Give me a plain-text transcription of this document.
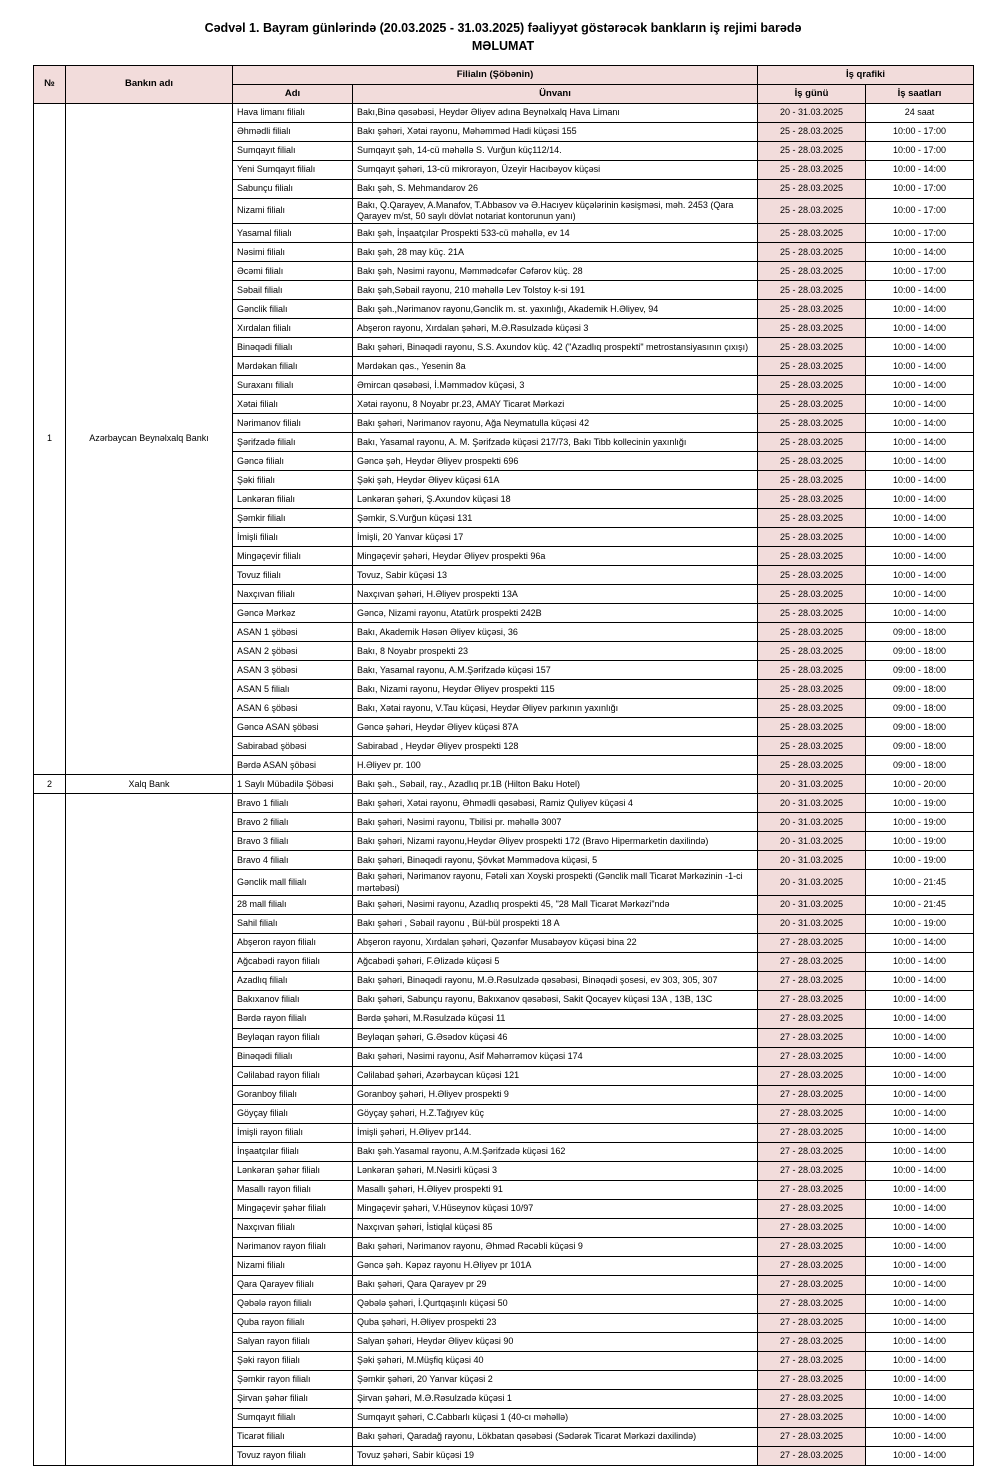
Cədvəl 1. Bayram günlərində (20.03.2025 - 31.03.2025) fəaliyyət göstərəcək bankların iş rejimi barədə
MƏLUMAT
№	Bankın adı	Filialın (Şöbənin)		İş qrafiki	
		Adı	Ünvanı	İş günü	İş saatları
1	Azərbaycan Beynəlxalq Bankı	Hava limanı filialı	Bakı,Binə qəsəbəsi, Heydər Əliyev adına Beynəlxalq Hava Limanı	20 - 31.03.2025	24 saat
		Əhmədli filialı	Bakı şəhəri, Xətai rayonu, Məhəmməd Hadi küçəsi 155	25 - 28.03.2025	10:00 - 17:00
		Sumqayıt filialı	Sumqayıt şəh, 14-cü məhəllə S. Vurğun küç112/14.	25 - 28.03.2025	10:00 - 17:00
		Yeni Sumqayıt filialı	Sumqayıt şəhəri, 13-cü mikrorayon, Üzeyir Hacıbəyov küçəsi	25 - 28.03.2025	10:00 - 14:00
		Sabunçu filialı	Bakı şəh, S. Mehmandarov 26	25 - 28.03.2025	10:00 - 17:00
		Nizami filialı	Bakı, Q.Qarayev, A.Manafov, T.Abbasov və Ə.Hacıyev küçələrinin kəsişməsi, məh. 2453 (Qara Qarayev m/st, 50 saylı dövlət notariat kontorunun yanı)	25 - 28.03.2025	10:00 - 17:00
		Yasamal filialı	Bakı şəh, İnşaatçılar Prospekti 533-cü məhəllə, ev 14	25 - 28.03.2025	10:00 - 17:00
		Nəsimi filialı	Bakı şəh, 28 may küç. 21A	25 - 28.03.2025	10:00 - 14:00
		Əcəmi filialı	Bakı şəh, Nəsimi rayonu, Məmmədcəfər Cəfərov küç. 28	25 - 28.03.2025	10:00 - 17:00
		Səbail filialı	Bakı şəh,Səbail rayonu, 210 məhəllə Lev Tolstoy k-si 191	25 - 28.03.2025	10:00 - 14:00
		Gənclik filialı	Bakı şəh.,Nərimanov rayonu,Gənclik m. st. yaxınlığı, Akademik H.Əliyev, 94	25 - 28.03.2025	10:00 - 14:00
		Xırdalan filialı	Abşeron rayonu, Xırdalan şəhəri, M.Ə.Rəsulzadə küçəsi 3	25 - 28.03.2025	10:00 - 14:00
		Binəqədi filialı	Bakı şəhəri, Binəqədi rayonu, S.S. Axundov küç. 42 ("Azadlıq prospekti" metrostansiyasının çıxışı)	25 - 28.03.2025	10:00 - 14:00
		Mərdəkan filialı	Mərdəkan qəs., Yesenin 8a	25 - 28.03.2025	10:00 - 14:00
		Suraxanı filialı	Əmircan qəsəbəsi, İ.Məmmədov küçəsi, 3	25 - 28.03.2025	10:00 - 14:00
		Xətai filialı	Xətai rayonu, 8 Noyabr pr.23, AMAY Ticarət Mərkəzi	25 - 28.03.2025	10:00 - 14:00
		Nərimanov filialı	Bakı şəhəri, Nərimanov rayonu, Ağa Neymatulla küçəsi 42	25 - 28.03.2025	10:00 - 14:00
		Şərifzadə filialı	Bakı, Yasamal rayonu, A. M. Şərifzadə küçəsi 217/73, Bakı Tibb kollecinin yaxınlığı	25 - 28.03.2025	10:00 - 14:00
		Gəncə filialı	Gəncə şəh, Heydər Əliyev prospekti 696	25 - 28.03.2025	10:00 - 14:00
		Şəki filialı	Şəki şəh, Heydər Əliyev küçəsi 61A	25 - 28.03.2025	10:00 - 14:00
		Lənkəran filialı	Lənkəran şəhəri, Ş.Axundov küçəsi 18	25 - 28.03.2025	10:00 - 14:00
		Şəmkir filialı	Şəmkir, S.Vurğun küçəsi 131	25 - 28.03.2025	10:00 - 14:00
		İmişli filialı	İmişli, 20 Yanvar küçəsi 17	25 - 28.03.2025	10:00 - 14:00
		Mingəçevir filialı	Mingəçevir şəhəri, Heydər Əliyev prospekti 96a	25 - 28.03.2025	10:00 - 14:00
		Tovuz filialı	Tovuz, Sabir küçəsi 13	25 - 28.03.2025	10:00 - 14:00
		Naxçıvan filialı	Naxçıvan şəhəri, H.Əliyev prospekti 13A	25 - 28.03.2025	10:00 - 14:00
		Gəncə Mərkəz	Gəncə, Nizami rayonu, Atatürk prospekti 242B	25 - 28.03.2025	10:00 - 14:00
		ASAN 1 şöbəsi	Bakı, Akademik Həsən Əliyev küçəsi, 36	25 - 28.03.2025	09:00 - 18:00
		ASAN 2 şöbəsi	Bakı, 8 Noyabr prospekti 23	25 - 28.03.2025	09:00 - 18:00
		ASAN 3 şöbəsi	Bakı, Yasamal rayonu, A.M.Şərifzadə küçəsi 157	25 - 28.03.2025	09:00 - 18:00
		ASAN 5 filialı	Bakı, Nizami rayonu, Heydər Əliyev prospekti 115	25 - 28.03.2025	09:00 - 18:00
		ASAN 6 şöbəsi	Bakı, Xətai rayonu, V.Tau küçəsi, Heydər Əliyev parkının yaxınlığı	25 - 28.03.2025	09:00 - 18:00
		Gəncə ASAN şöbəsi	Gəncə şəhəri, Heydər Əliyev küçəsi 87A	25 - 28.03.2025	09:00 - 18:00
		Sabirabad şöbəsi	Sabirabad , Heydər Əliyev prospekti 128	25 - 28.03.2025	09:00 - 18:00
		Bərdə ASAN şöbəsi	H.Əliyev pr. 100	25 - 28.03.2025	09:00 - 18:00
2	Xalq Bank	1 Saylı Mübadilə Şöbəsi	Bakı şəh., Səbail, ray., Azadlıq pr.1B (Hilton Baku Hotel)	20 - 31.03.2025	10:00 - 20:00
		Bravo 1 filialı	Bakı şəhəri, Xətai rayonu, Əhmədli qəsəbəsi, Ramiz Quliyev küçəsi 4	20 - 31.03.2025	10:00 - 19:00
		Bravo 2 filialı	Bakı şəhəri, Nəsimi rayonu, Tbilisi pr. məhəllə 3007	20 - 31.03.2025	10:00 - 19:00
		Bravo 3 filialı	Bakı şəhəri, Nizami rayonu,Heydər Əliyev prospekti 172 (Bravo Hipermarketin daxilində)	20 - 31.03.2025	10:00 - 19:00
		Bravo 4 filialı	Bakı şəhəri, Binəqədi rayonu, Şövkət Məmmədova küçəsi, 5	20 - 31.03.2025	10:00 - 19:00
		Gənclik mall filialı	Bakı şəhəri, Nərimanov rayonu, Fətəli xan Xoyski prospekti (Gənclik mall Ticarət Mərkəzinin -1-ci mərtəbəsi)	20 - 31.03.2025	10:00 - 21:45
		28 mall filialı	Bakı şəhəri, Nəsimi rayonu, Azadlıq prospekti 45, "28 Mall Ticarət Mərkəzi"ndə	20 - 31.03.2025	10:00 - 21:45
		Sahil filialı	Bakı şəhəri , Səbail rayonu , Bül-bül prospekti 18 A	20 - 31.03.2025	10:00 - 19:00
		Abşeron rayon filialı	Abşeron rayonu, Xırdalan şəhəri, Qəzənfər Musabəyov küçəsi bina 22	27 - 28.03.2025	10:00 - 14:00
		Ağcabədi rayon filialı	Ağcabədi şəhəri, F.Əlizadə küçəsi 5	27 - 28.03.2025	10:00 - 14:00
		Azadlıq filialı	Bakı şəhəri, Binəqədi rayonu, M.Ə.Rəsulzadə qəsəbəsi, Binəqədi şosesi, ev 303, 305, 307	27 - 28.03.2025	10:00 - 14:00
		Bakıxanov filialı	Bakı şəhəri, Sabunçu rayonu, Bakıxanov qəsəbəsi, Sakit Qocayev küçəsi 13A , 13B, 13C	27 - 28.03.2025	10:00 - 14:00
		Bərdə rayon filialı	Bərdə şəhəri, M.Rəsulzadə küçəsi 11	27 - 28.03.2025	10:00 - 14:00
		Beyləqan rayon filialı	Beyləqan şəhəri, G.Əsədov küçəsi 46	27 - 28.03.2025	10:00 - 14:00
		Binəqədi filialı	Bakı şəhəri, Nəsimi rayonu, Asif Məhərrəmov küçəsi 174	27 - 28.03.2025	10:00 - 14:00
		Cəlilabad rayon filialı	Cəlilabad şəhəri, Azərbaycan küçəsi 121	27 - 28.03.2025	10:00 - 14:00
		Goranboy filialı	Goranboy şəhəri, H.Əliyev prospekti 9	27 - 28.03.2025	10:00 - 14:00
		Göyçay filialı	Göyçay şəhəri, H.Z.Tağıyev küç	27 - 28.03.2025	10:00 - 14:00
		İmişli rayon filialı	İmişli şəhəri, H.Əliyev pr144.	27 - 28.03.2025	10:00 - 14:00
		İnşaatçılar filialı	Bakı şəh.Yasamal rayonu, A.M.Şərifzadə küçəsi 162	27 - 28.03.2025	10:00 - 14:00
		Lənkəran şəhər filialı	Lənkəran şəhəri, M.Nəsirli küçəsi 3	27 - 28.03.2025	10:00 - 14:00
		Masallı rayon filialı	Masallı şəhəri, H.Əliyev prospekti 91	27 - 28.03.2025	10:00 - 14:00
		Mingəçevir şəhər filialı	Mingəçevir şəhəri, V.Hüseynov küçəsi 10/97	27 - 28.03.2025	10:00 - 14:00
		Naxçıvan filialı	Naxçıvan şəhəri, İstiqlal küçəsi 85	27 - 28.03.2025	10:00 - 14:00
		Nərimanov rayon filialı	Bakı şəhəri, Nərimanov rayonu, Əhməd Rəcəbli küçəsi 9	27 - 28.03.2025	10:00 - 14:00
		Nizami filialı	Gəncə şəh. Kəpəz rayonu H.Əliyev pr 101A	27 - 28.03.2025	10:00 - 14:00
		Qara Qarayev filialı	Bakı şəhəri, Qara Qarayev pr 29	27 - 28.03.2025	10:00 - 14:00
		Qəbələ rayon filialı	Qəbələ şəhəri, İ.Qurtqaşınlı küçəsi 50	27 - 28.03.2025	10:00 - 14:00
		Quba rayon filialı	Quba şəhəri, H.Əliyev prospekti 23	27 - 28.03.2025	10:00 - 14:00
		Salyan rayon filialı	Salyan şəhəri, Heydər Əliyev küçəsi 90	27 - 28.03.2025	10:00 - 14:00
		Şəki rayon filialı	Şəki şəhəri, M.Müşfiq küçəsi 40	27 - 28.03.2025	10:00 - 14:00
		Şəmkir rayon filialı	Şəmkir şəhəri, 20 Yanvar küçəsi 2	27 - 28.03.2025	10:00 - 14:00
		Şirvan şəhər filialı	Şirvan şəhəri, M.Ə.Rəsulzadə küçəsi 1	27 - 28.03.2025	10:00 - 14:00
		Sumqayıt filialı	Sumqayıt şəhəri, C.Cabbarlı küçəsi 1 (40-cı məhəllə)	27 - 28.03.2025	10:00 - 14:00
		Ticarət filialı	Bakı şəhəri, Qaradağ rayonu, Lökbatan qəsəbəsi (Sədərək Ticarət Mərkəzi daxilində)	27 - 28.03.2025	10:00 - 14:00
		Tovuz rayon filialı	Tovuz şəhəri, Sabir küçəsi 19	27 - 28.03.2025	10:00 - 14:00
